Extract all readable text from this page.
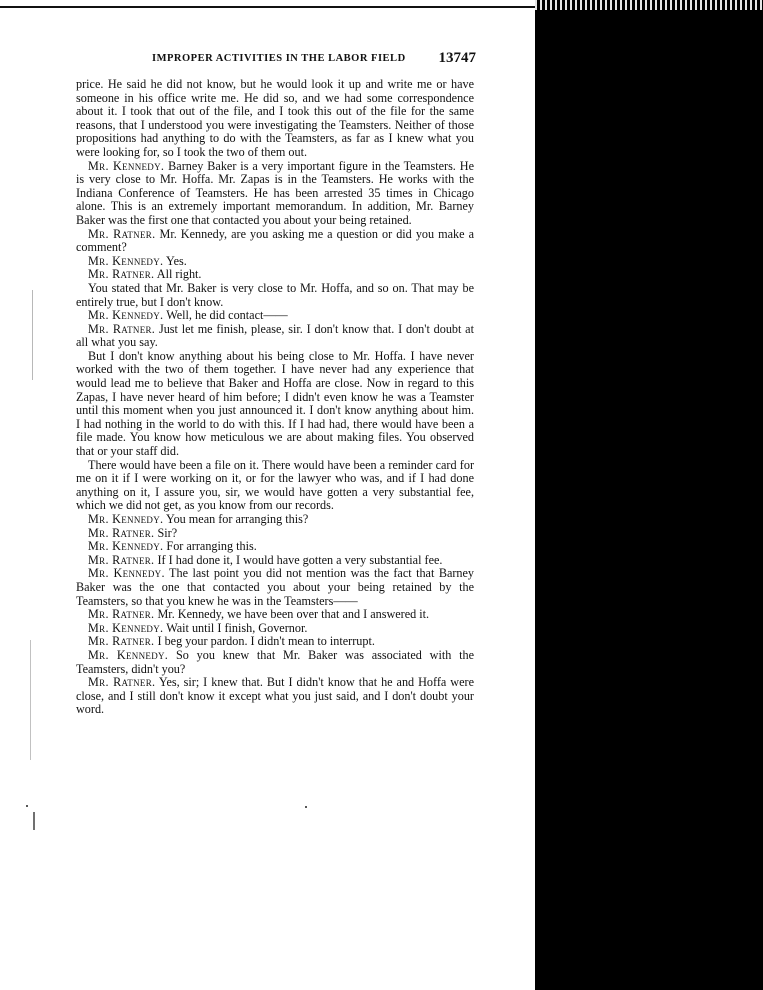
IMPROPER ACTIVITIES IN THE LABOR FIELD 13747

price. He said he did not know, but he would look it up and write me or have someone in his office write me. He did so, and we had some correspondence about it. I took that out of the file, and I took this out of the file for the same reasons, that I understood you were investigating the Teamsters. Neither of those propositions had anything to do with the Teamsters, as far as I knew what you were looking for, so I took the two of them out.

Mr. Kennedy. Barney Baker is a very important figure in the Teamsters. He is very close to Mr. Hoffa. Mr. Zapas is in the Teamsters. He works with the Indiana Conference of Teamsters. He has been arrested 35 times in Chicago alone. This is an extremely important memorandum. In addition, Mr. Barney Baker was the first one that contacted you about your being retained.

Mr. Ratner. Mr. Kennedy, are you asking me a question or did you make a comment?

Mr. Kennedy. Yes.

Mr. Ratner. All right.

You stated that Mr. Baker is very close to Mr. Hoffa, and so on. That may be entirely true, but I don't know.

Mr. Kennedy. Well, he did contact——

Mr. Ratner. Just let me finish, please, sir. I don't know that. I don't doubt at all what you say.

But I don't know anything about his being close to Mr. Hoffa. I have never worked with the two of them together. I have never had any experience that would lead me to believe that Baker and Hoffa are close. Now in regard to this Zapas, I have never heard of him before; I didn't even know he was a Teamster until this moment when you just announced it. I don't know anything about him. I had nothing in the world to do with this. If I had had, there would have been a file made. You know how meticulous we are about making files. You observed that or your staff did.

There would have been a file on it. There would have been a reminder card for me on it if I were working on it, or for the lawyer who was, and if I had done anything on it, I assure you, sir, we would have gotten a very substantial fee, which we did not get, as you know from our records.

Mr. Kennedy. You mean for arranging this?

Mr. Ratner. Sir?

Mr. Kennedy. For arranging this.

Mr. Ratner. If I had done it, I would have gotten a very substantial fee.

Mr. Kennedy. The last point you did not mention was the fact that Barney Baker was the one that contacted you about your being retained by the Teamsters, so that you knew he was in the Teamsters——

Mr. Ratner. Mr. Kennedy, we have been over that and I answered it.

Mr. Kennedy. Wait until I finish, Governor.

Mr. Ratner. I beg your pardon. I didn't mean to interrupt.

Mr. Kennedy. So you knew that Mr. Baker was associated with the Teamsters, didn't you?

Mr. Ratner. Yes, sir; I knew that. But I didn't know that he and Hoffa were close, and I still don't know it except what you just said, and I don't doubt your word.
